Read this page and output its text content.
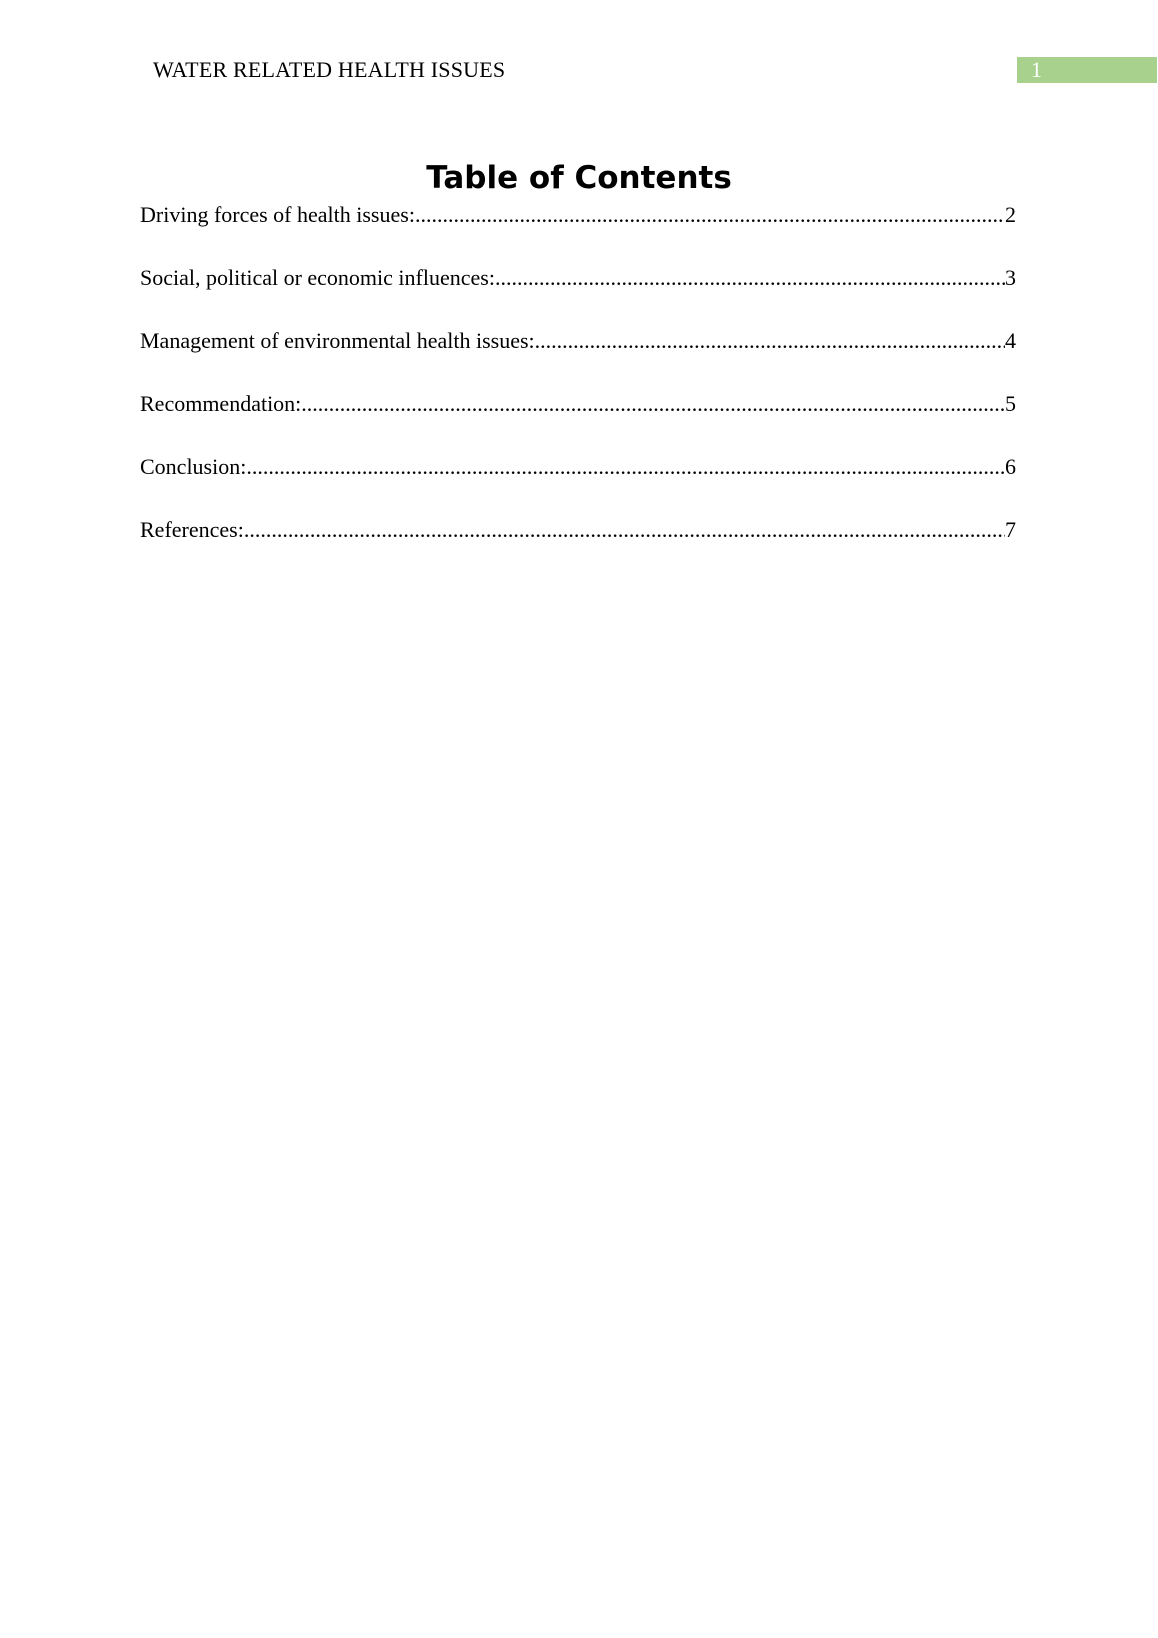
WATER RELATED HEALTH ISSUES	1
Table of Contents
Driving forces of health issues: .....	2
Social, political or economic influences: .....	3
Management of environmental health issues: .....	4
Recommendation: .....	5
Conclusion: .....	6
References: .....	7
